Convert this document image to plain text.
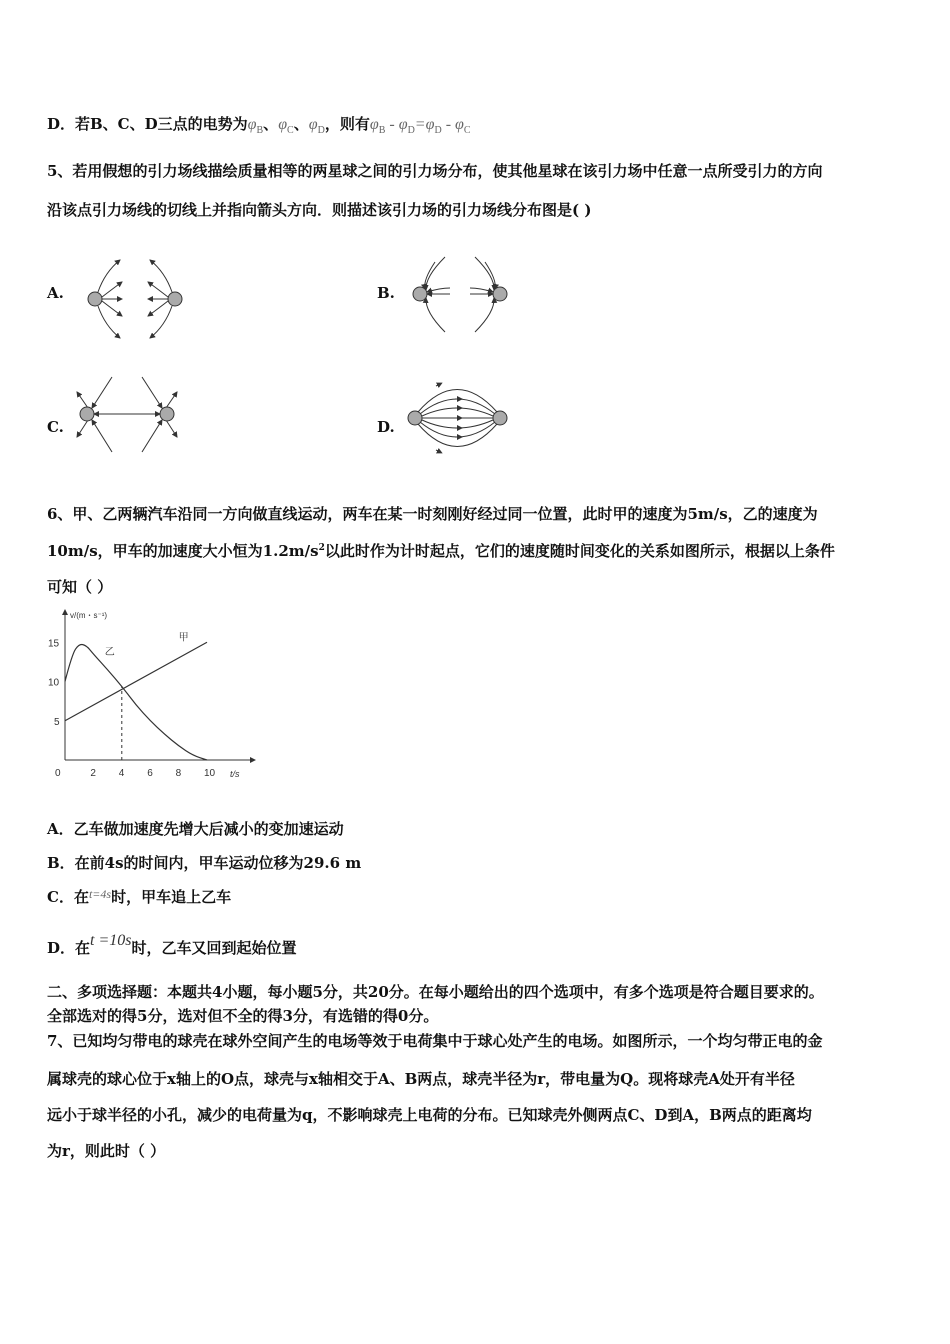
D．若B、C、D三点的电势为$\varphi_B$、$\varphi_C$、$\varphi_D$，则有$\varphi_B - \varphi_D=\varphi_D - \varphi_C$
5、若用假想的引力场线描绘质量相等的两星球之间的引力场分布，使其他星球在该引力场中任意一点所受引力的方向
沿该点引力场线的切线上并指向箭头方向．则描述该引力场的引力场线分布图是( )
A.	B.
C.	D.
6、甲、乙两辆汽车沿同一方向做直线运动，两车在某一时刻刚好经过同一位置，此时甲的速度为5m/s，乙的速度为
10m/s，甲车的加速度大小恒为$1.2m/s^2$以此时作为计时起点，它们的速度随时间变化的关系如图所示，根据以上条件
可知（ ）
v/(m・s⁻¹)
t/s
0	2 4 6 8 10
5
10
15
甲
乙
A．乙车做加速度先增大后减小的变加速运动
B．在前4s的时间内，甲车运动位移为29.6 m
C．在$^{t=4s}$时，甲车追上乙车
D．在t =10s时，乙车又回到起始位置
二、多项选择题：本题共4小题，每小题5分，共20分。在每小题给出的四个选项中，有多个选项是符合题目要求的。
全部选对的得5分，选对但不全的得3分，有选错的得0分。
7、已知均匀带电的球壳在球外空间产生的电场等效于电荷集中于球心处产生的电场。如图所示，一个均匀带正电的金
属球壳的球心位于x轴上的O点，球壳与x轴相交于A、B两点，球壳半径为r，带电量为Q。现将球壳A处开有半径
远小于球半径的小孔，减少的电荷量为q，不影响球壳上电荷的分布。已知球壳外侧两点C、D到A，B两点的距离均
为r，则此时（ ）
